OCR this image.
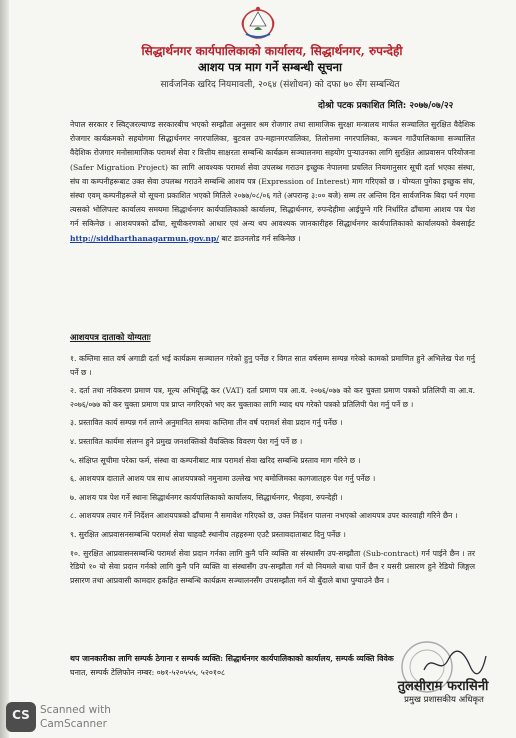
सिद्धार्थनगर कार्यपालिकाको कार्यालय, सिद्धार्थनगर, रुपन्देही
आशय पत्र माग गर्ने सम्बन्धी सूचना
सार्वजनिक खरिद नियमावली, २०६४ (संशोधन) को दफा ७० सँग सम्बन्धित
दोश्रो पटक प्रकाशित मिति: २०७७/०७/२२
नेपाल सरकार र स्विट्जरल्याण्ड सरकारबीच भएको सम्झौता अनुसार श्रम रोजगार तथा सामाजिक सुरक्षा मन्त्रालय मार्फत सञ्चालित सुरक्षित वैदेशिक रोजगार कार्यक्रमको सहयोगमा सिद्धार्थनगर नगरपालिका, बुटवल उप-महानगरपालिका, तिलोत्तमा नगरपालिका, कञ्चन गाउँपालिकामा सञ्चालित वैदेशिक रोजगार मनोसामाजिक परामर्श सेवा र वित्तीय साक्षरता सम्बन्धि कार्यक्रम सञ्चालनमा सहयोग पुर्‍याउनका लागि सुरक्षित आप्रवासन परियोजना (Safer Migration Project) का लागि आवश्यक परामर्श सेवा उपलब्ध गराउन इच्छुक नेपालमा प्रचलित नियमानुसार सूची दर्ता भएका संस्था, संघ वा कम्पनीहरूबाट उक्त सेवा उपलब्ध गराउने सम्बन्धि आशय पत्र (Expression of Interest) माग गरिएको छ । योग्यता पुगेका इच्छुक संघ, संस्था एवम् कम्पनीहरूले यो सूचना प्रकाशित भएको मितिले २०७७/०८/०६ गते (अपरान्ह ३:०० बजे) सम्म तर अन्तिम दिन सार्वजनिक बिदा पर्न गएमा त्यसको भोलिपल्ट कार्यालय समयमा सिद्धार्थनगर कार्यपालिकाको कार्यालय, सिद्धार्थनगर, रुपन्देहीमा आईपुग्ने गरि निर्धारित ढाँचामा आशय पत्र पेश गर्न सकिनेछ । आशयपत्रको ढाँचा, सूचीकरणको आधार एवं अन्य थप आवश्यक जानकारीहरु सिद्धार्थनगर कार्यपालिकाको कार्यालयको वेबसाईट http://siddharthanagarmun.gov.np/ बाट डाउनलोड गर्न सकिनेछ ।
आशयपत्र दाताको योग्यताः
१. कम्तिमा सात वर्ष अगाडी दर्ता भई कार्यक्रम सञ्चालन गरेको हुनु पर्नेछ र विगत सात वर्षसम्म सम्पन्न गरेको कामको प्रमाणित हुने अभिलेख पेश गर्नु पर्ने छ ।
२. दर्ता तथा नविकरण प्रमाण पत्र, मूल्य अभिवृद्धि कर (VAT) दर्ता प्रमाण पत्र आ.व. २०७६/०७७ को कर चुक्ता प्रमाण पत्रको प्रतिलिपी वा आ.व. २०७६/०७७ को कर चुक्ता प्रमाण पत्र प्राप्त नगरिएको भए कर चुक्ताका लागि म्याद थप गरेको पत्रको प्रतिलिपी पेश गर्नु पर्ने छ ।
३. प्रस्तावित कार्य सम्पन्न गर्न लाग्ने अनुमानित समयः कम्तिमा तीन वर्ष परामर्श सेवा प्रदान गर्नु पर्नेछ ।
४. प्रस्तावित कार्यमा संलग्न हुने प्रमुख जनशक्तिको वैयक्तिक विवरण पेश गर्नु पर्ने छ ।
५. संक्षिप्त सूचीमा परेका फर्म, संस्था वा कम्पनीबाट मात्र परामर्श सेवा खरिद सम्बन्धि प्रस्ताव माग गरिने छ ।
६. आशयपत्र दाताले आशय पत्र साथ आशयपत्रको नमुनामा उल्लेख भए बमोजिमका कागजातहरु पेश गर्नु पर्नेछ ।
७. आशय पत्र पेश गर्ने स्थानः सिद्धार्थनगर कार्यपालिकाको कार्यालय, सिद्धार्थनगर, भैरहवा, रुपन्देही ।
८. आशयपत्र तयार गर्ने निर्देशन आशयपत्रको ढाँचामा नै समावेश गरिएको छ, उक्त निर्देशन पालना नभएको आशयपत्र उपर कारवाही गरिने छैन ।
९. सुरक्षित आप्रवासनसम्बन्धि परामर्श सेवा चाहवटै स्थानीय तहहरुमा एउटै प्रस्तावदाताबाट दिनु पर्नेछ ।
१०. सुरक्षित आप्रवासनसम्बन्धि परामर्श सेवा प्रदान गर्नका लागि कुनै पनि व्यक्ति वा संस्थासँग उप-सम्झौता (Sub-contract) गर्न पाईने छैन । तर रेडियो १० यो सेवा प्रदान गर्नको लागि कुनै पनि व्यक्ति वा संस्थासँग उप-सम्झौता गर्न यो नियमले बाधा पार्ने छैन र यसरी प्रसारण हुने रेडियो जिङ्गल प्रसारण तथा आप्रवासी कामदार हकहित सम्बन्धि कार्यक्रम सञ्चालनसँग उपसम्झौता गर्न यो बुँदाले बाधा पुग्याउने छैन ।
थप जानकारीका लागि सम्पर्क ठेगाना र सम्पर्क व्यक्ति: सिद्धार्थनगर कार्यपालिकाको कार्यालय, सम्पर्क व्यक्ति विवेक
घनात, सम्पर्क टेलिफोन नम्बर: ०७१-५२०५५५, ५२०१०८
तुलसीराम फरासिनी
प्रमुख प्रशासकीय अधिकृत
CS Scanned with
CamScanner
